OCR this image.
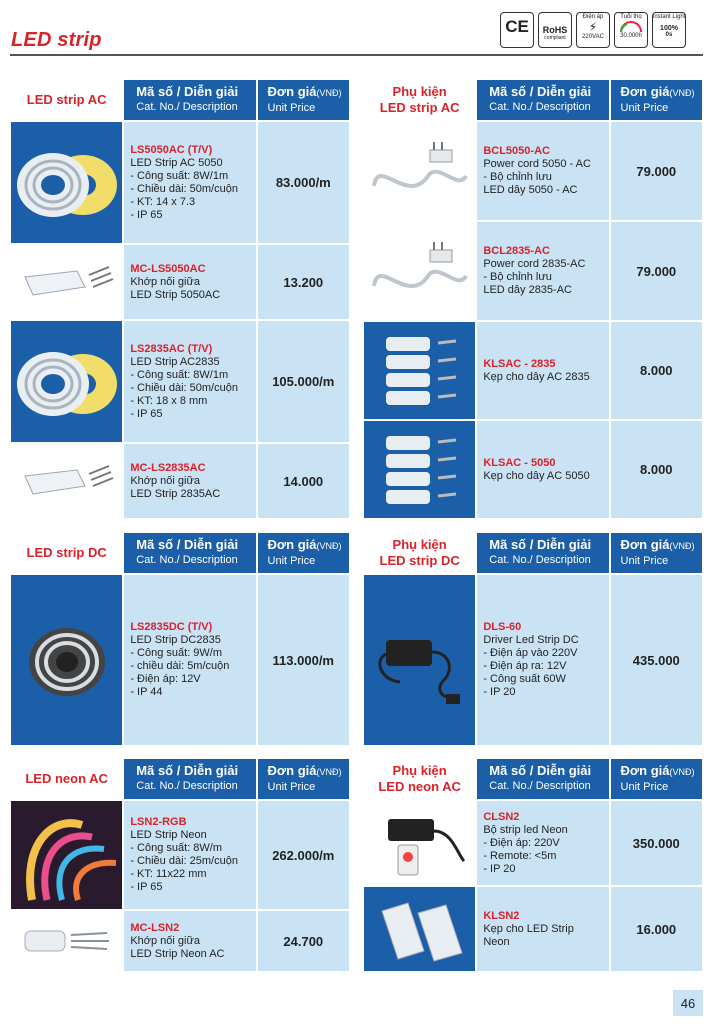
LED strip
CE RoHS
compliant
Điện áp
⚡
220VAC
Tuổi thọ
30.000h
Instant Light
100%
0s
LED strip AC
Mã số / Diễn giải
Cat. No./ Description
Đơn giá(VNĐ)
Unit Price
LS5050AC (T/V)
LED Strip AC 5050
- Công suất: 8W/1m
- Chiều dài: 50m/cuộn
- KT: 14 x 7.3
- IP 65
83.000/m
MC-LS5050AC
Khớp nối giữa
LED Strip 5050AC
13.200
LS2835AC (T/V)
LED Strip AC2835
- Công suất: 8W/1m
- Chiều dài: 50m/cuộn
- KT: 18 x 8 mm
- IP 65
105.000/m
MC-LS2835AC
Khớp nối giữa
LED Strip 2835AC
14.000
Phụ kiện
LED strip AC
Mã số / Diễn giải
Cat. No./ Description
Đơn giá(VNĐ)
Unit Price
BCL5050-AC
Power cord 5050 - AC
- Bộ chỉnh lưu
LED dây 5050 - AC
79.000
BCL2835-AC
Power cord 2835-AC
- Bộ chỉnh lưu
LED dây 2835-AC
79.000
KLSAC - 2835
Kẹp cho dây AC 2835	8.000
KLSAC - 5050
Kẹp cho dây AC 5050	8.000
LED strip DC
Mã số / Diễn giải
Cat. No./ Description
Đơn giá(VNĐ)
Unit Price
LS2835DC (T/V)
LED Strip DC2835
- Công suất: 9W/m
- chiều dài: 5m/cuộn
- Điện áp: 12V
- IP 44
113.000/m
Phụ kiện
LED strip DC
Mã số / Diễn giải
Cat. No./ Description
Đơn giá(VNĐ)
Unit Price
DLS-60
Driver Led Strip DC
- Điện áp vào 220V
- Điện áp ra: 12V
- Công suất 60W
- IP 20
435.000
LED neon AC
Mã số / Diễn giải
Cat. No./ Description
Đơn giá(VNĐ)
Unit Price
LSN2-RGB
LED Strip Neon
- Công suất: 8W/m
- Chiều dài: 25m/cuộn
- KT: 11x22 mm
- IP 65
262.000/m
MC-LSN2
Khớp nối giữa
LED Strip Neon AC
24.700
Phụ kiện
LED neon AC
Mã số / Diễn giải
Cat. No./ Description
Đơn giá(VNĐ)
Unit Price
CLSN2
Bộ strip led Neon
- Điện áp: 220V
- Remote: <5m
- IP 20
350.000
KLSN2
Kẹp cho LED Strip
Neon
16.000
46
